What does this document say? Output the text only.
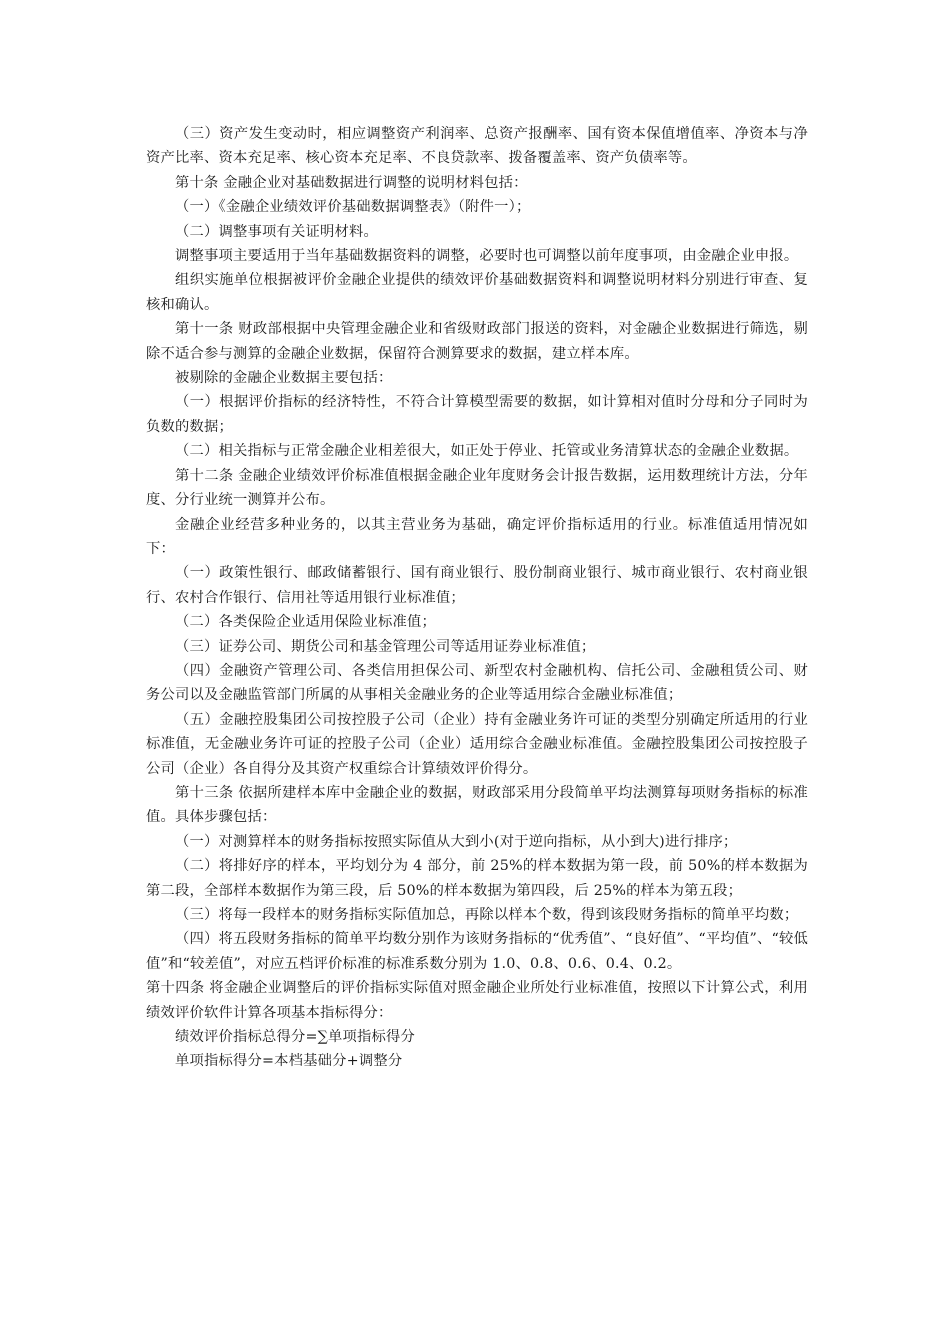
（三）资产发生变动时，相应调整资产利润率、总资产报酬率、国有资本保值增值率、净资本与净资产比率、资本充足率、核心资本充足率、不良贷款率、拨备覆盖率、资产负债率等。

第十条 金融企业对基础数据进行调整的说明材料包括：

（一）《金融企业绩效评价基础数据调整表》（附件一）；

（二）调整事项有关证明材料。

调整事项主要适用于当年基础数据资料的调整，必要时也可调整以前年度事项，由金融企业申报。

组织实施单位根据被评价金融企业提供的绩效评价基础数据资料和调整说明材料分别进行审查、复核和确认。

第十一条 财政部根据中央管理金融企业和省级财政部门报送的资料，对金融企业数据进行筛选，剔除不适合参与测算的金融企业数据，保留符合测算要求的数据，建立样本库。

被剔除的金融企业数据主要包括：

（一）根据评价指标的经济特性，不符合计算模型需要的数据，如计算相对值时分母和分子同时为负数的数据；

（二）相关指标与正常金融企业相差很大，如正处于停业、托管或业务清算状态的金融企业数据。

第十二条 金融企业绩效评价标准值根据金融企业年度财务会计报告数据，运用数理统计方法，分年度、分行业统一测算并公布。

金融企业经营多种业务的，以其主营业务为基础，确定评价指标适用的行业。标准值适用情况如下：

（一）政策性银行、邮政储蓄银行、国有商业银行、股份制商业银行、城市商业银行、农村商业银行、农村合作银行、信用社等适用银行业标准值；

（二）各类保险企业适用保险业标准值；

（三）证券公司、期货公司和基金管理公司等适用证券业标准值；

（四）金融资产管理公司、各类信用担保公司、新型农村金融机构、信托公司、金融租赁公司、财务公司以及金融监管部门所属的从事相关金融业务的企业等适用综合金融业标准值；

（五）金融控股集团公司按控股子公司（企业）持有金融业务许可证的类型分别确定所适用的行业标准值，无金融业务许可证的控股子公司（企业）适用综合金融业标准值。金融控股集团公司按控股子公司（企业）各自得分及其资产权重综合计算绩效评价得分。

第十三条 依据所建样本库中金融企业的数据，财政部采用分段简单平均法测算每项财务指标的标准值。具体步骤包括：

（一）对测算样本的财务指标按照实际值从大到小(对于逆向指标，从小到大)进行排序；

（二）将排好序的样本，平均划分为 4 部分，前 25%的样本数据为第一段，前 50%的样本数据为第二段，全部样本数据作为第三段，后 50%的样本数据为第四段，后 25%的样本为第五段；

（三）将每一段样本的财务指标实际值加总，再除以样本个数，得到该段财务指标的简单平均数；

（四）将五段财务指标的简单平均数分别作为该财务指标的“优秀值”、“良好值”、“平均值”、“较低值”和“较差值”，对应五档评价标准的标准系数分别为 1.0、0.8、0.6、0.4、0.2。

第十四条 将金融企业调整后的评价指标实际值对照金融企业所处行业标准值，按照以下计算公式，利用绩效评价软件计算各项基本指标得分：

绩效评价指标总得分=∑单项指标得分

单项指标得分=本档基础分+调整分
